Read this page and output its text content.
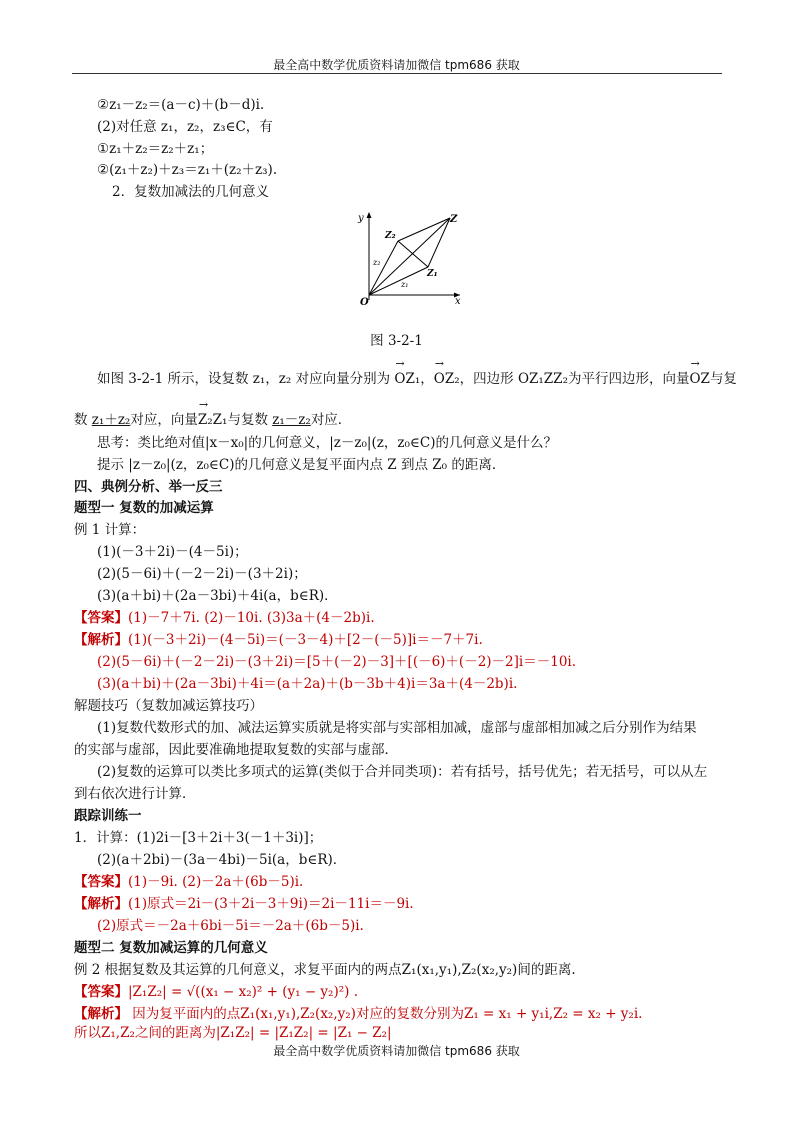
最全高中数学优质资料请加微信 tpm686 获取
②z₁－z₂＝(a－c)＋(b－d)i.
(2)对任意 z₁，z₂，z₃∈C，有
①z₁＋z₂＝z₂＋z₁；
②(z₁＋z₂)＋z₃＝z₁＋(z₂＋z₃).
2．复数加减法的几何意义
y
x
O
Z
Z₂
Z₁
z₂
z₁
图 3-2-1
如图 3-2-1 所示，设复数 z₁，z₂ 对应向量分别为 → OZ₁，→ OZ₂，四边形 OZ₁ZZ₂为平行四边形，向量→ OZ与复
数 z₁＋z₂对应，向量→ Z₂Z₁与复数 z₁－z₂对应．
思考：类比绝对值|x－x₀|的几何意义，|z－z₀|(z，z₀∈C)的几何意义是什么？
提示 |z－z₀|(z，z₀∈C)的几何意义是复平面内点 Z 到点 Z₀ 的距离．
四、典例分析、举一反三
题型一 复数的加减运算
例 1 计算：
(1)(－3＋2i)－(4－5i)；
(2)(5－6i)＋(－2－2i)－(3＋2i)；
(3)(a＋bi)＋(2a－3bi)＋4i(a，b∈R)．
【答案】(1)－7＋7i. (2)－10i. (3)3a＋(4－2b)i.
【解析】(1)(－3＋2i)－(4－5i)＝(－3－4)＋[2－(－5)]i＝－7＋7i.
(2)(5－6i)＋(－2－2i)－(3＋2i)＝[5＋(－2)－3]＋[(－6)＋(－2)－2]i＝－10i.
(3)(a＋bi)＋(2a－3bi)＋4i＝(a＋2a)＋(b－3b＋4)i＝3a＋(4－2b)i.
解题技巧（复数加减运算技巧）
(1)复数代数形式的加、减法运算实质就是将实部与实部相加减，虚部与虚部相加减之后分别作为结果
的实部与虚部，因此要准确地提取复数的实部与虚部．
(2)复数的运算可以类比多项式的运算(类似于合并同类项)：若有括号，括号优先；若无括号，可以从左
到右依次进行计算．
跟踪训练一
1．计算：(1)2i－[3＋2i＋3(－1＋3i)]；
(2)(a＋2bi)－(3a－4bi)－5i(a，b∈R)．
【答案】(1)－9i. (2)－2a＋(6b－5)i.
【解析】(1)原式＝2i－(3＋2i－3＋9i)＝2i－11i＝－9i.
(2)原式＝－2a＋6bi－5i＝－2a＋(6b－5)i.
题型二 复数加减运算的几何意义
例 2 根据复数及其运算的几何意义，求复平面内的两点Z₁(x₁,y₁),Z₂(x₂,y₂)间的距离.
【答案】|Z₁Z₂| = √((x₁ − x₂)² + (y₁ − y₂)²) .
【解析】 因为复平面内的点Z₁(x₁,y₁),Z₂(x₂,y₂)对应的复数分别为Z₁ = x₁ + y₁i,Z₂ = x₂ + y₂i.
所以Z₁,Z₂之间的距离为|Z₁Z₂| = |Z₁Z₂| = |Z₁ − Z₂|
最全高中数学优质资料请加微信 tpm686 获取
